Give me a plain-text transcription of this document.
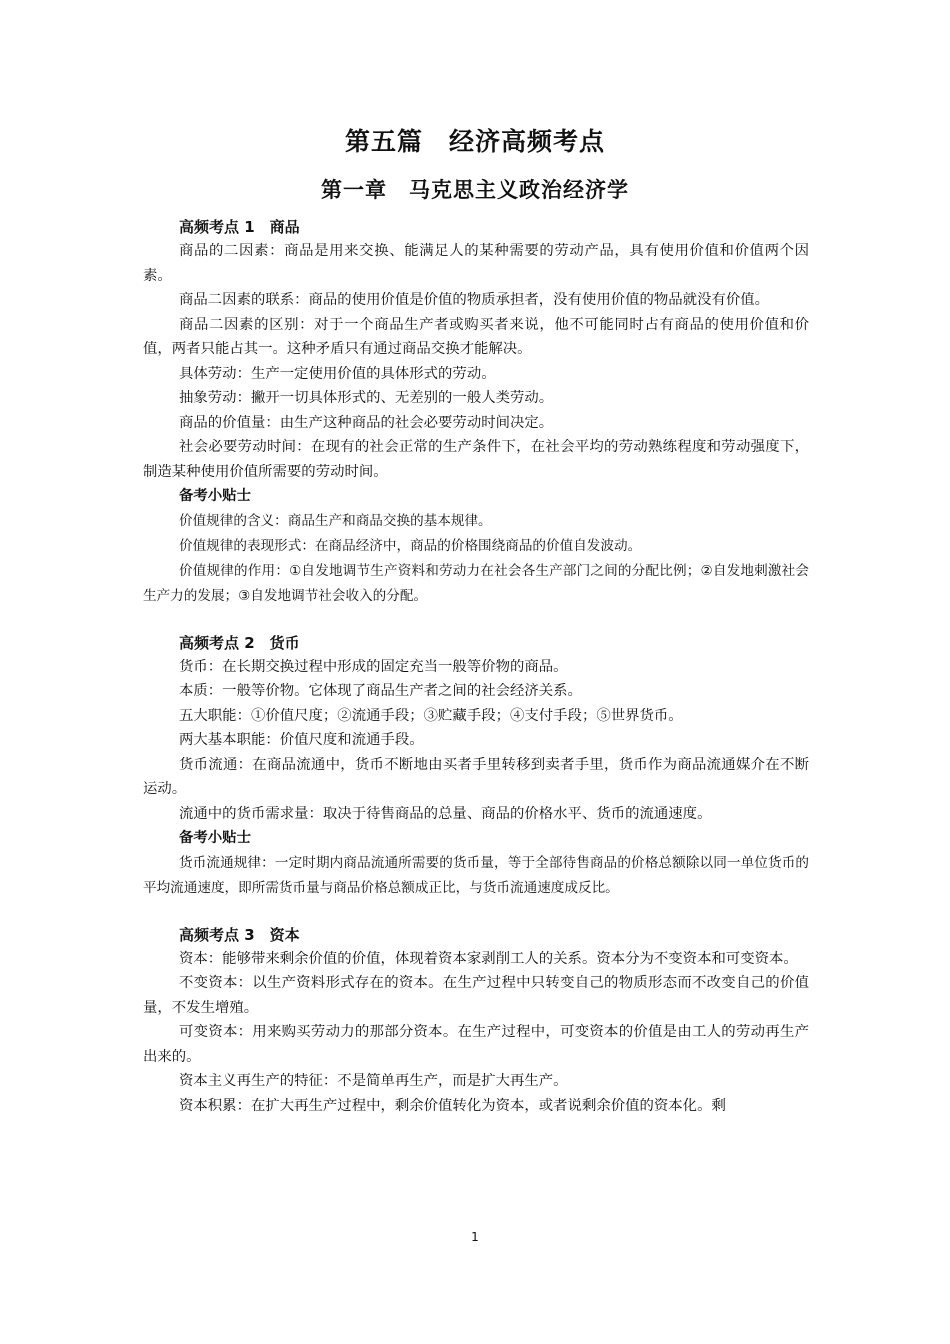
第五篇　经济高频考点
第一章　马克思主义政治经济学
高频考点 1　商品

商品的二因素：商品是用来交换、能满足人的某种需要的劳动产品，具有使用价值和价值两个因素。

商品二因素的联系：商品的使用价值是价值的物质承担者，没有使用价值的物品就没有价值。

商品二因素的区别：对于一个商品生产者或购买者来说，他不可能同时占有商品的使用价值和价值，两者只能占其一。这种矛盾只有通过商品交换才能解决。

具体劳动：生产一定使用价值的具体形式的劳动。

抽象劳动：撇开一切具体形式的、无差别的一般人类劳动。

商品的价值量：由生产这种商品的社会必要劳动时间决定。

社会必要劳动时间：在现有的社会正常的生产条件下，在社会平均的劳动熟练程度和劳动强度下，制造某种使用价值所需要的劳动时间。

备考小贴士

价值规律的含义：商品生产和商品交换的基本规律。

价值规律的表现形式：在商品经济中，商品的价格围绕商品的价值自发波动。

价值规律的作用：①自发地调节生产资料和劳动力在社会各生产部门之间的分配比例；②自发地刺激社会生产力的发展；③自发地调节社会收入的分配。

高频考点 2　货币

货币：在长期交换过程中形成的固定充当一般等价物的商品。

本质：一般等价物。它体现了商品生产者之间的社会经济关系。

五大职能：①价值尺度；②流通手段；③贮藏手段；④支付手段；⑤世界货币。

两大基本职能：价值尺度和流通手段。

货币流通：在商品流通中，货币不断地由买者手里转移到卖者手里，货币作为商品流通媒介在不断运动。

流通中的货币需求量：取决于待售商品的总量、商品的价格水平、货币的流通速度。

备考小贴士

货币流通规律：一定时期内商品流通所需要的货币量，等于全部待售商品的价格总额除以同一单位货币的平均流通速度，即所需货币量与商品价格总额成正比，与货币流通速度成反比。

高频考点 3　资本

资本：能够带来剩余价值的价值，体现着资本家剥削工人的关系。资本分为不变资本和可变资本。

不变资本：以生产资料形式存在的资本。在生产过程中只转变自己的物质形态而不改变自己的价值量，不发生增殖。

可变资本：用来购买劳动力的那部分资本。在生产过程中，可变资本的价值是由工人的劳动再生产出来的。

资本主义再生产的特征：不是简单再生产，而是扩大再生产。

资本积累：在扩大再生产过程中，剩余价值转化为资本，或者说剩余价值的资本化。剩

1
